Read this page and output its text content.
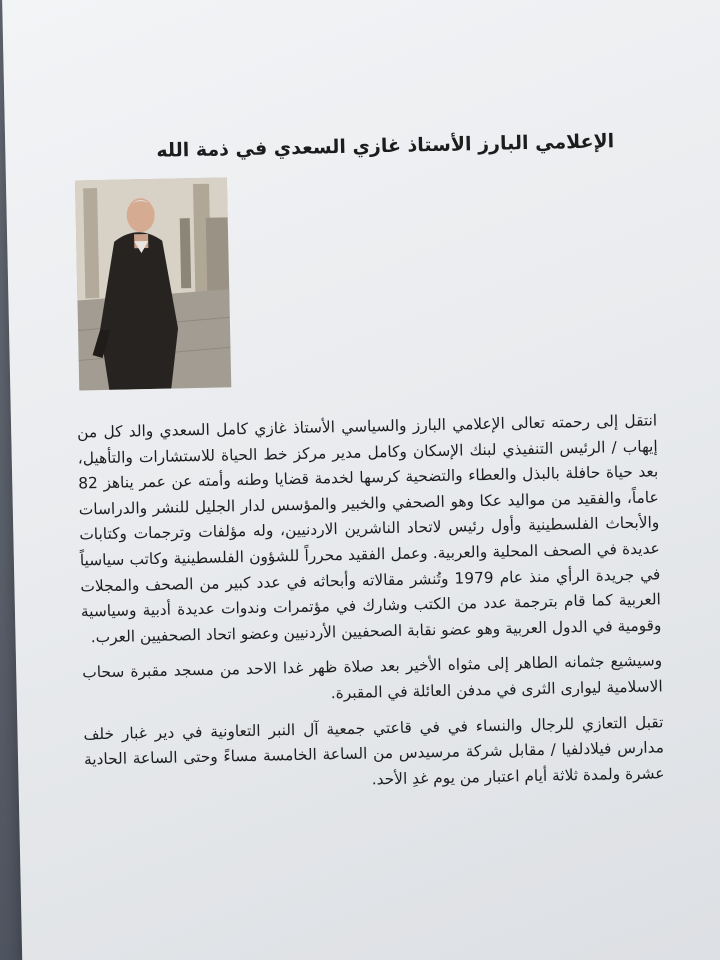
الإعلامي البارز الأستاذ غازي السعدي في ذمة الله

انتقل إلى رحمته تعالى الإعلامي البارز والسياسي الأستاذ غازي كامل السعدي والد كل من إيهاب / الرئيس التنفيذي لبنك الإسكان وكامل مدير مركز خط الحياة للاستشارات والتأهيل، بعد حياة حافلة بالبذل والعطاء والتضحية كرسها لخدمة قضايا وطنه وأمته عن عمر يناهز 82 عاماً، والفقيد من مواليد عكا وهو الصحفي والخبير والمؤسس لدار الجليل للنشر والدراسات والأبحاث الفلسطينية وأول رئيس لاتحاد الناشرين الاردنيين، وله مؤلفات وترجمات وكتابات عديدة في الصحف المحلية والعربية. وعمل الفقيد محرراً للشؤون الفلسطينية وكاتب سياسياً في جريدة الرأي منذ عام 1979 وتُنشر مقالاته وأبحاثه في عدد كبير من الصحف والمجلات العربية كما قام بترجمة عدد من الكتب وشارك في مؤتمرات وندوات عديدة أدبية وسياسية وقومية في الدول العربية وهو عضو نقابة الصحفيين الأردنيين وعضو اتحاد الصحفيين العرب.

وسيشيع جثمانه الطاهر إلى مثواه الأخير بعد صلاة ظهر غدا الاحد من مسجد مقبرة سحاب الاسلامية ليوارى الثرى في مدفن العائلة في المقبرة.

تقبل التعازي للرجال والنساء في في قاعتي جمعية آل النبر التعاونية في دير غبار خلف مدارس فيلادلفيا / مقابل شركة مرسيدس من الساعة الخامسة مساءً وحتى الساعة الحادية عشرة ولمدة ثلاثة أيام اعتبار من يوم غدِ الأحد.
